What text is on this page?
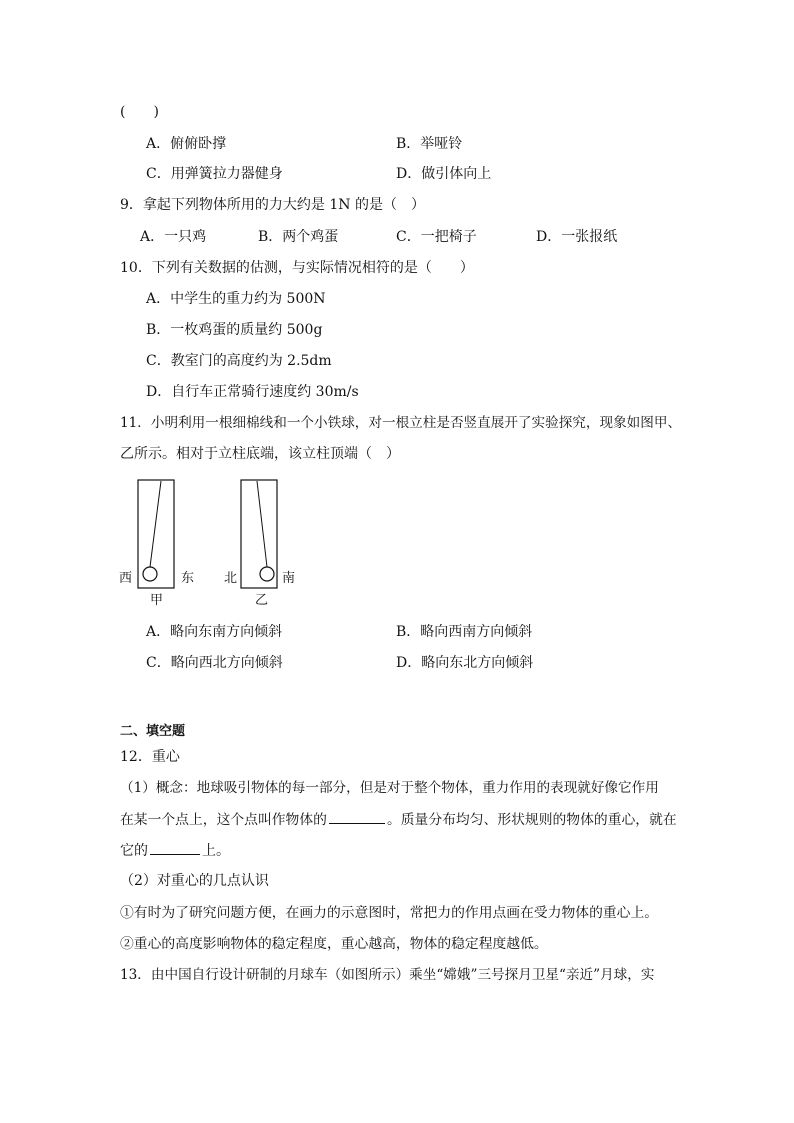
(　　)
A．俯俯卧撑	B．举哑铃
C．用弹簧拉力器健身	D．做引体向上
9．拿起下列物体所用的力大约是 1N 的是（　）
A．一只鸡	B．两个鸡蛋	C．一把椅子	D．一张报纸
10．下列有关数据的估测，与实际情况相符的是（　　）
A．中学生的重力约为 500N
B．一枚鸡蛋的质量约 500g
C．教室门的高度约为 2.5dm
D．自行车正常骑行速度约 30m/s
11．小明利用一根细棉线和一个小铁球，对一根立柱是否竖直展开了实验探究，现象如图甲、
乙所示。相对于立柱底端，该立柱顶端（　）
西	东
甲
北	南
乙
A．略向东南方向倾斜	B．略向西南方向倾斜
C．略向西北方向倾斜	D．略向东北方向倾斜
二、填空题
12．重心
（1）概念：地球吸引物体的每一部分，但是对于整个物体，重力作用的表现就好像它作用
在某一个点上，这个点叫作物体的	。质量分布均匀、形状规则的物体的重心，就在
它的	上。
（2）对重心的几点认识
①有时为了研究问题方便，在画力的示意图时，常把力的作用点画在受力物体的重心上。
②重心的高度影响物体的稳定程度，重心越高，物体的稳定程度越低。
13．由中国自行设计研制的月球车（如图所示）乘坐“嫦娥”三号探月卫星“亲近”月球，实
